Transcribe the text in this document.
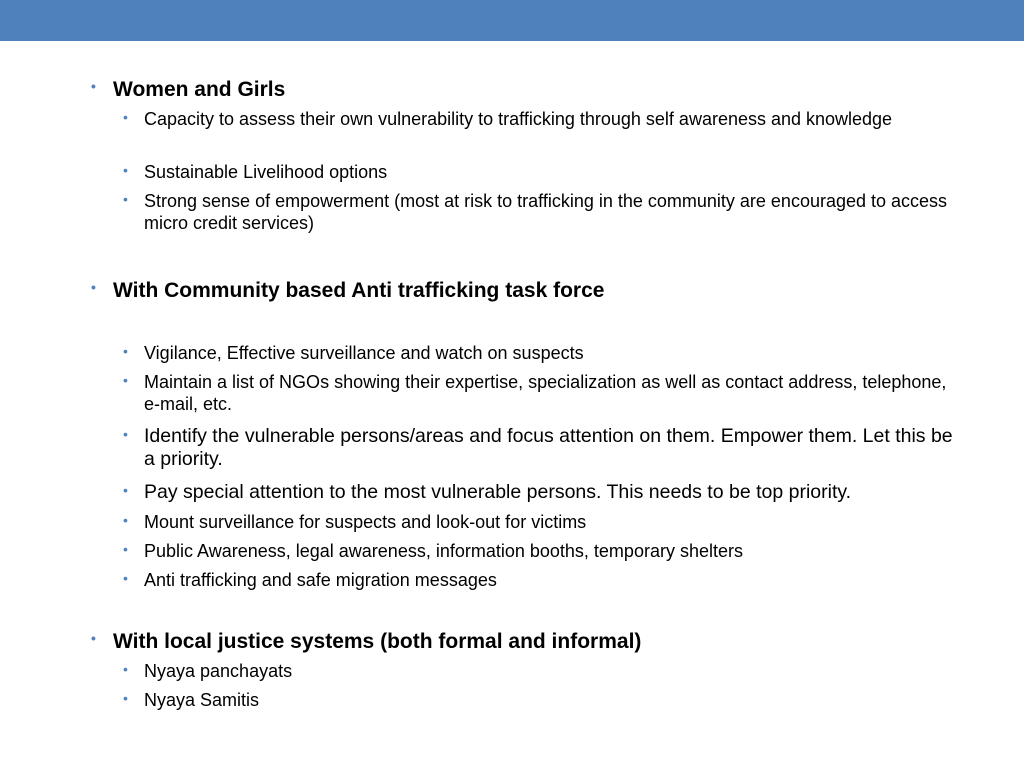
• Women and Girls
• Capacity to assess their own vulnerability to trafficking through self awareness and knowledge
• Sustainable Livelihood options
• Strong sense of empowerment (most at risk to trafficking in the community are encouraged to access micro credit services)
• With Community based Anti trafficking task force
• Vigilance, Effective surveillance and watch on suspects
• Maintain a list of NGOs showing their expertise, specialization as well as contact address, telephone, e-mail, etc.
• Identify the vulnerable persons/areas and focus attention on them. Empower them. Let this be a priority.
• Pay special attention to the most vulnerable persons. This needs to be top priority.
• Mount surveillance for suspects and look-out for victims
• Public Awareness, legal awareness, information booths, temporary shelters
• Anti trafficking and safe migration messages
• With local justice systems (both formal and informal)
• Nyaya panchayats
• Nyaya Samitis
